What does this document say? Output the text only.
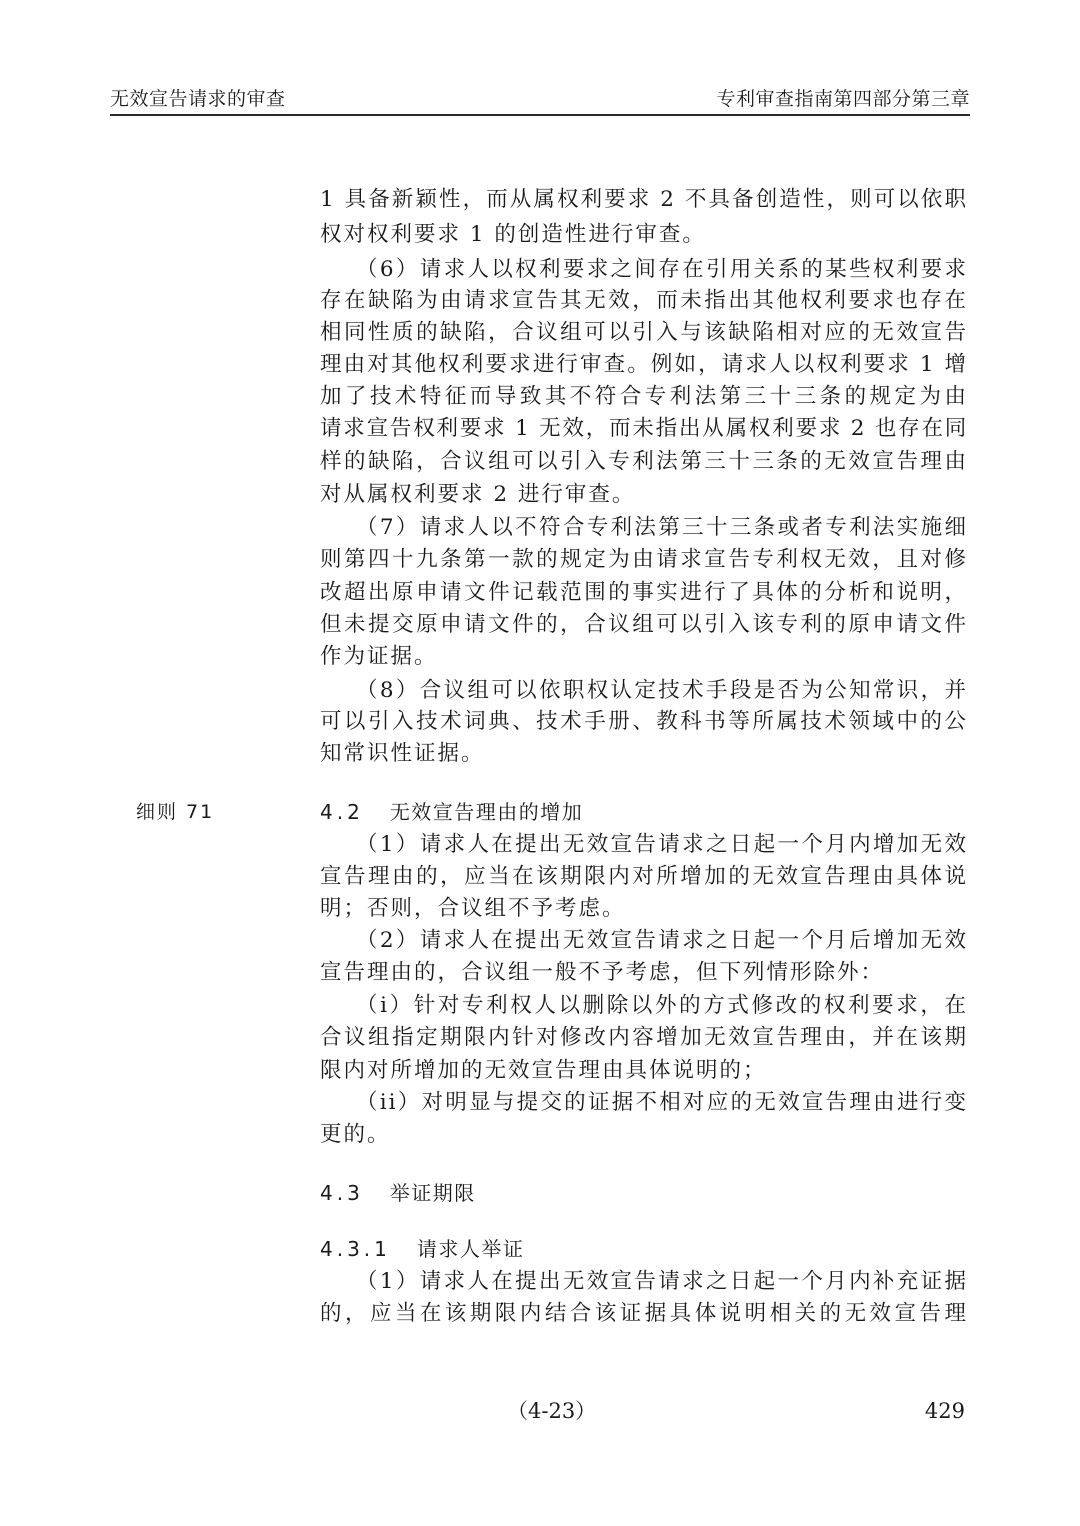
无效宣告请求的审查	专利审查指南第四部分第三章
1 具备新颖性，而从属权利要求 2 不具备创造性，则可以依职
权对权利要求 1 的创造性进行审查。
（6）请求人以权利要求之间存在引用关系的某些权利要求
存在缺陷为由请求宣告其无效，而未指出其他权利要求也存在
相同性质的缺陷，合议组可以引入与该缺陷相对应的无效宣告
理由对其他权利要求进行审查。例如，请求人以权利要求 1 增
加了技术特征而导致其不符合专利法第三十三条的规定为由
请求宣告权利要求 1 无效，而未指出从属权利要求 2 也存在同
样的缺陷，合议组可以引入专利法第三十三条的无效宣告理由
对从属权利要求 2 进行审查。
（7）请求人以不符合专利法第三十三条或者专利法实施细
则第四十九条第一款的规定为由请求宣告专利权无效，且对修
改超出原申请文件记载范围的事实进行了具体的分析和说明，
但未提交原申请文件的，合议组可以引入该专利的原申请文件
作为证据。
（8）合议组可以依职权认定技术手段是否为公知常识，并
可以引入技术词典、技术手册、教科书等所属技术领域中的公
知常识性证据。
细则 71	4.2 无效宣告理由的增加
（1）请求人在提出无效宣告请求之日起一个月内增加无效
宣告理由的，应当在该期限内对所增加的无效宣告理由具体说
明；否则，合议组不予考虑。
（2）请求人在提出无效宣告请求之日起一个月后增加无效
宣告理由的，合议组一般不予考虑，但下列情形除外：
（i）针对专利权人以删除以外的方式修改的权利要求，在
合议组指定期限内针对修改内容增加无效宣告理由，并在该期
限内对所增加的无效宣告理由具体说明的；
（ii）对明显与提交的证据不相对应的无效宣告理由进行变
更的。
4.3 举证期限
4.3.1 请求人举证
（1）请求人在提出无效宣告请求之日起一个月内补充证据
的，应当在该期限内结合该证据具体说明相关的无效宣告理
（4-23）	429
